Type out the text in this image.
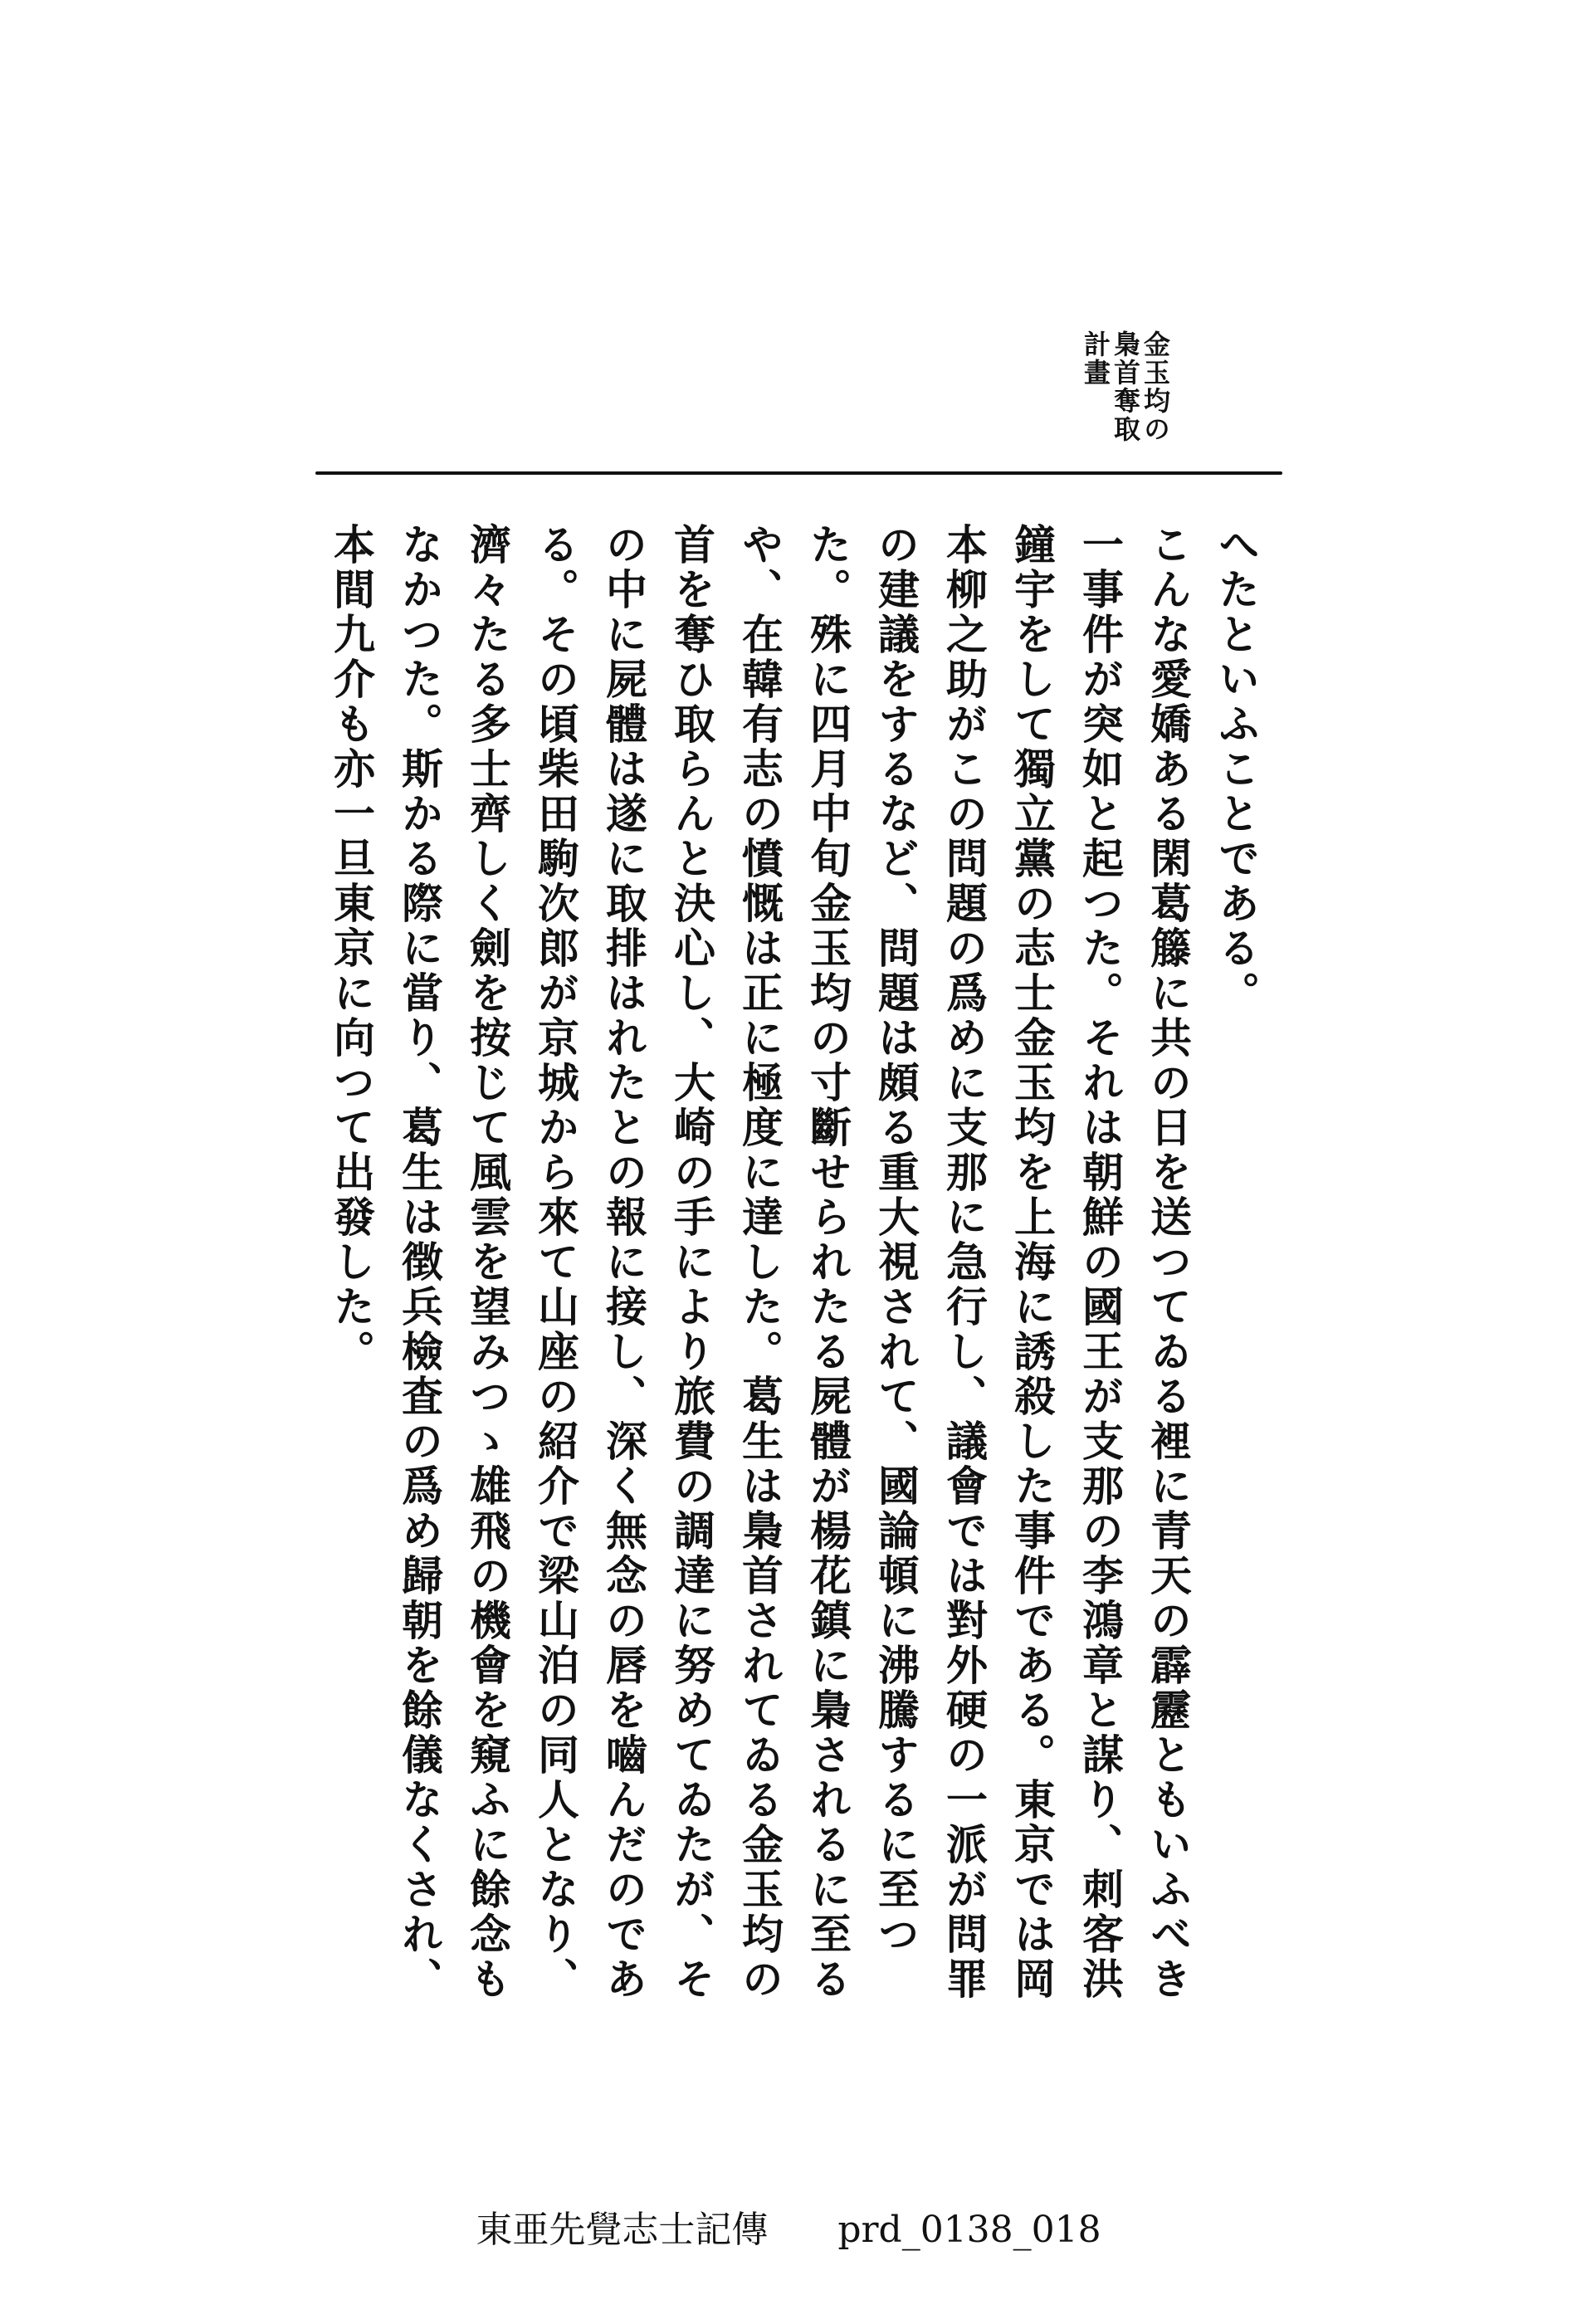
金玉均の
梟首奪取
計畫

へたといふことである。

こんな愛嬌ある閑葛籐に共の日を送つてゐる裡に青天の霹靂ともいふべき一事件が突如と起つた。それは朝鮮の國王が支那の李鴻章と謀り、刺客洪鐘宇をして獨立黨の志士金玉均を上海に誘殺した事件である。東京では岡本柳之助がこの問題の爲めに支那に急行し、議會では對外硬の一派が問罪の建議をするなど、問題は頗る重大視されて、國論頓に沸騰するに至つた。殊に四月中旬金玉均の寸斷せられたる屍體が楊花鎮に梟されるに至るや、在韓有志の憤慨は正に極度に達した。葛生は梟首されてゐる金玉均の首を奪ひ取らんと決心し、大崎の手により旅費の調達に努めてゐたが、その中に屍體は遂に取排はれたとの報に接し、深く無念の唇を嚙んだのである。その頃柴田駒次郎が京城から來て山座の紹介で梁山泊の同人となり、濟々たる多士齊しく劍を按じて風雲を望みつゝ雄飛の機會を窺ふに餘念もなかつた。斯かる際に當り、葛生は徴兵檢査の爲め歸朝を餘儀なくされ、本間九介も亦一旦東京に向つて出發した。

東亜先覺志士記傳 prd_0138_018
